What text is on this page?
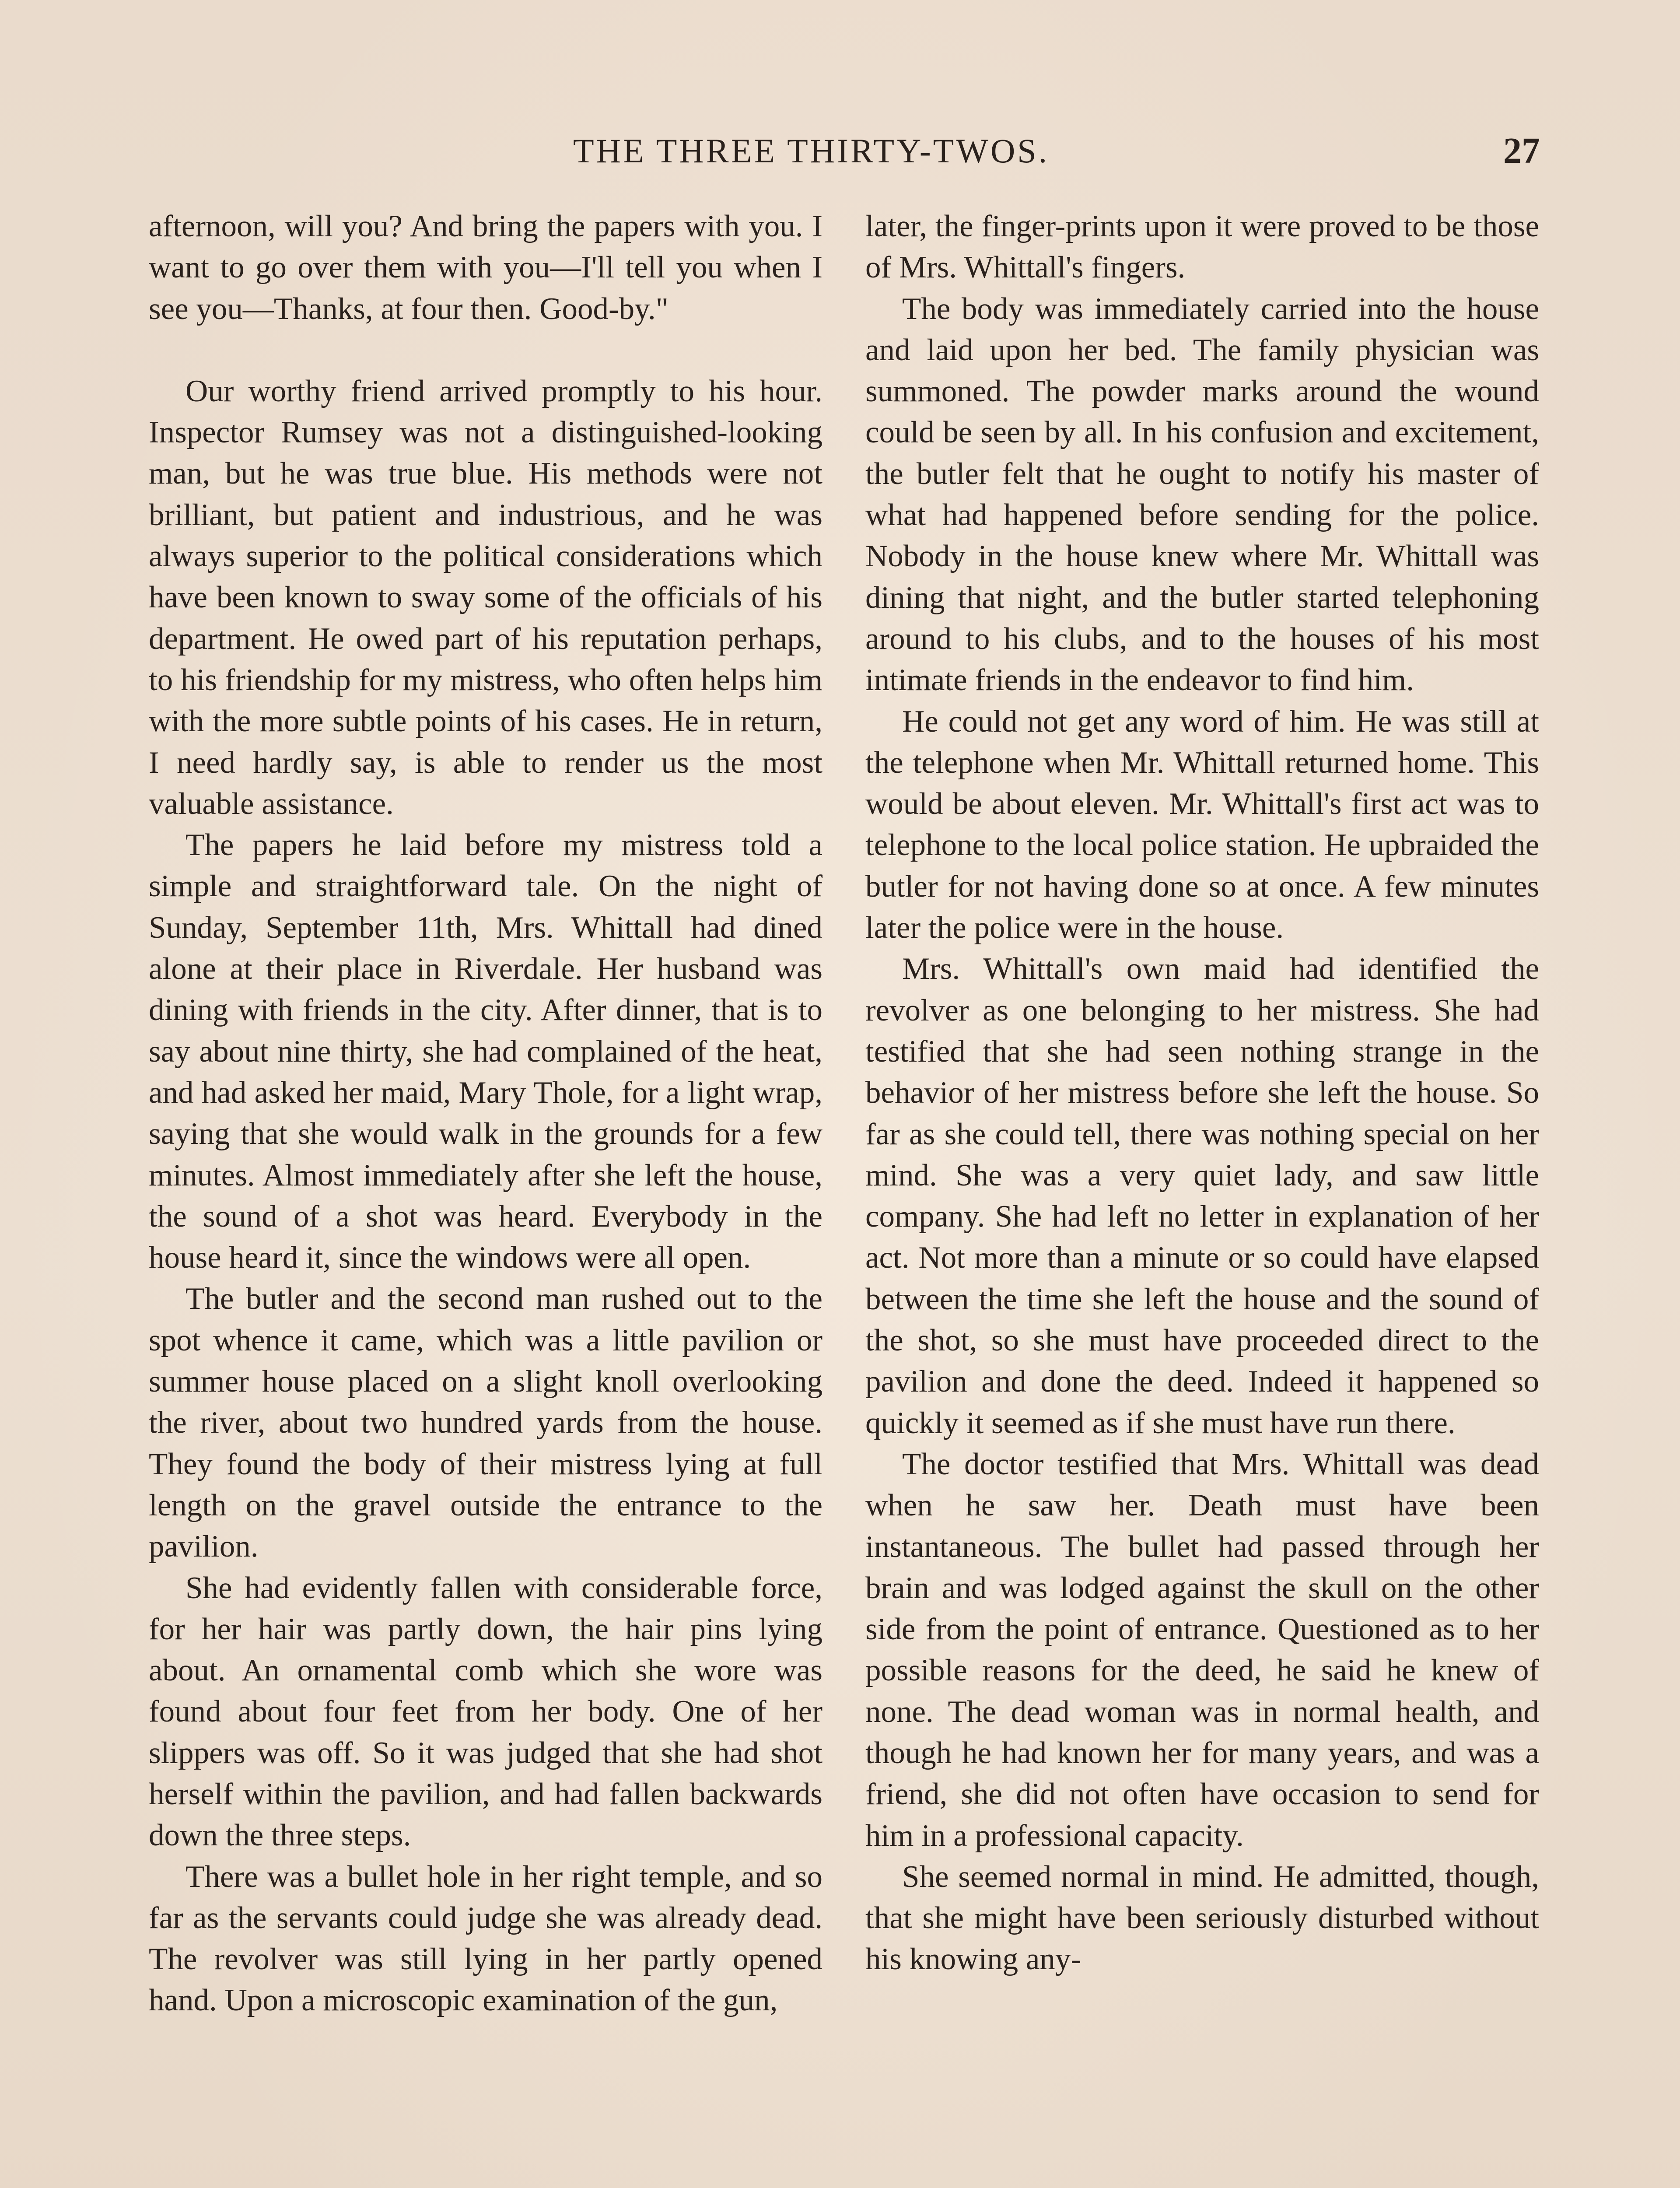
THE THREE THIRTY-TWOS.	27

afternoon, will you? And bring the papers with you. I want to go over them with you—I'll tell you when I see you—Thanks, at four then. Good-by."

Our worthy friend arrived promptly to his hour. Inspector Rumsey was not a distinguished-looking man, but he was true blue. His methods were not brilliant, but patient and industrious, and he was always superior to the political considerations which have been known to sway some of the officials of his department. He owed part of his reputation perhaps, to his friendship for my mistress, who often helps him with the more subtle points of his cases. He in return, I need hardly say, is able to render us the most valuable assistance.

The papers he laid before my mistress told a simple and straightforward tale. On the night of Sunday, September 11th, Mrs. Whittall had dined alone at their place in Riverdale. Her husband was dining with friends in the city. After dinner, that is to say about nine thirty, she had complained of the heat, and had asked her maid, Mary Thole, for a light wrap, saying that she would walk in the grounds for a few minutes. Almost immediately after she left the house, the sound of a shot was heard. Everybody in the house heard it, since the windows were all open.

The butler and the second man rushed out to the spot whence it came, which was a little pavilion or summer house placed on a slight knoll overlooking the river, about two hundred yards from the house. They found the body of their mistress lying at full length on the gravel outside the entrance to the pavilion.

She had evidently fallen with considerable force, for her hair was partly down, the hair pins lying about. An ornamental comb which she wore was found about four feet from her body. One of her slippers was off. So it was judged that she had shot herself within the pavilion, and had fallen backwards down the three steps.

There was a bullet hole in her right temple, and so far as the servants could judge she was already dead. The revolver was still lying in her partly opened hand. Upon a microscopic examination of the gun,

later, the finger-prints upon it were proved to be those of Mrs. Whittall's fingers.

The body was immediately carried into the house and laid upon her bed. The family physician was summoned. The powder marks around the wound could be seen by all. In his confusion and excitement, the butler felt that he ought to notify his master of what had happened before sending for the police. Nobody in the house knew where Mr. Whittall was dining that night, and the butler started telephoning around to his clubs, and to the houses of his most intimate friends in the endeavor to find him.

He could not get any word of him. He was still at the telephone when Mr. Whittall returned home. This would be about eleven. Mr. Whittall's first act was to telephone to the local police station. He upbraided the butler for not having done so at once. A few minutes later the police were in the house.

Mrs. Whittall's own maid had identified the revolver as one belonging to her mistress. She had testified that she had seen nothing strange in the behavior of her mistress before she left the house. So far as she could tell, there was nothing special on her mind. She was a very quiet lady, and saw little company. She had left no letter in explanation of her act. Not more than a minute or so could have elapsed between the time she left the house and the sound of the shot, so she must have proceeded direct to the pavilion and done the deed. Indeed it happened so quickly it seemed as if she must have run there.

The doctor testified that Mrs. Whittall was dead when he saw her. Death must have been instantaneous. The bullet had passed through her brain and was lodged against the skull on the other side from the point of entrance. Questioned as to her possible reasons for the deed, he said he knew of none. The dead woman was in normal health, and though he had known her for many years, and was a friend, she did not often have occasion to send for him in a professional capacity.

She seemed normal in mind. He admitted, though, that she might have been seriously disturbed without his knowing any-
